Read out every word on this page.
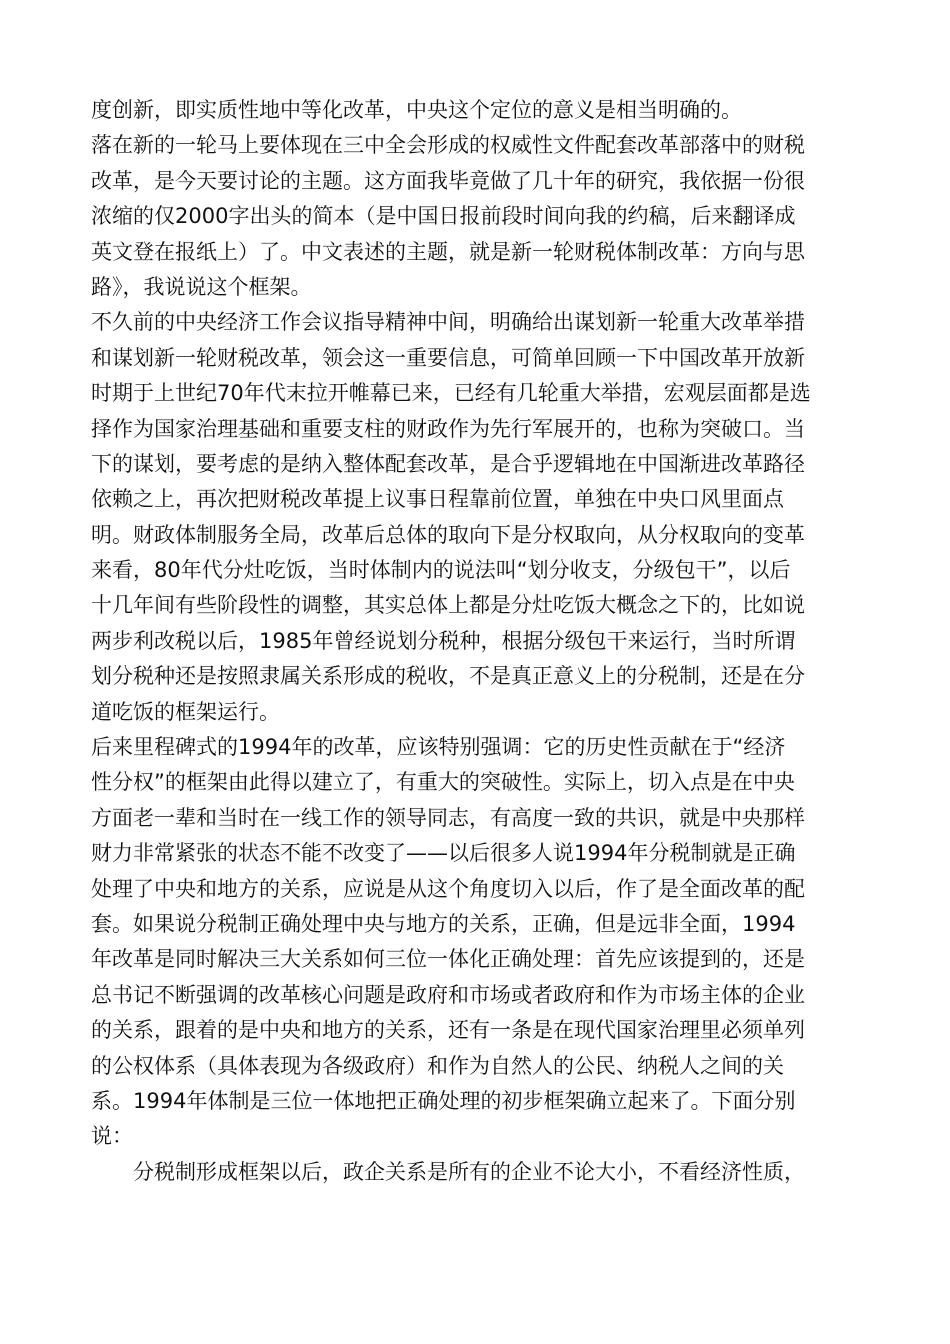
度创新，即实质性地中等化改革，中央这个定位的意义是相当明确的。
落在新的一轮马上要体现在三中全会形成的权威性文件配套改革部落中的财税
改革，是今天要讨论的主题。这方面我毕竟做了几十年的研究，我依据一份很
浓缩的仅2000字出头的简本（是中国日报前段时间向我的约稿，后来翻译成
英文登在报纸上）了。中文表述的主题，就是新一轮财税体制改革：方向与思
路》，我说说这个框架。
不久前的中央经济工作会议指导精神中间，明确给出谋划新一轮重大改革举措
和谋划新一轮财税改革，领会这一重要信息，可简单回顾一下中国改革开放新
时期于上世纪70年代末拉开帷幕已来，已经有几轮重大举措，宏观层面都是选
择作为国家治理基础和重要支柱的财政作为先行军展开的，也称为突破口。当
下的谋划，要考虑的是纳入整体配套改革，是合乎逻辑地在中国渐进改革路径
依赖之上，再次把财税改革提上议事日程靠前位置，单独在中央口风里面点
明。财政体制服务全局，改革后总体的取向下是分权取向，从分权取向的变革
来看，80年代分灶吃饭，当时体制内的说法叫“划分收支，分级包干”，以后
十几年间有些阶段性的调整，其实总体上都是分灶吃饭大概念之下的，比如说
两步利改税以后，1985年曾经说划分税种，根据分级包干来运行，当时所谓
划分税种还是按照隶属关系形成的税收，不是真正意义上的分税制，还是在分
道吃饭的框架运行。
后来里程碑式的1994年的改革，应该特别强调：它的历史性贡献在于“经济
性分权”的框架由此得以建立了，有重大的突破性。实际上，切入点是在中央
方面老一辈和当时在一线工作的领导同志，有高度一致的共识，就是中央那样
财力非常紧张的状态不能不改变了——以后很多人说1994年分税制就是正确
处理了中央和地方的关系，应说是从这个角度切入以后，作了是全面改革的配
套。如果说分税制正确处理中央与地方的关系，正确，但是远非全面，1994
年改革是同时解决三大关系如何三位一体化正确处理：首先应该提到的，还是
总书记不断强调的改革核心问题是政府和市场或者政府和作为市场主体的企业
的关系，跟着的是中央和地方的关系，还有一条是在现代国家治理里必须单列
的公权体系（具体表现为各级政府）和作为自然人的公民、纳税人之间的关
系。1994年体制是三位一体地把正确处理的初步框架确立起来了。下面分别
说：
分税制形成框架以后，政企关系是所有的企业不论大小，不看经济性质，
